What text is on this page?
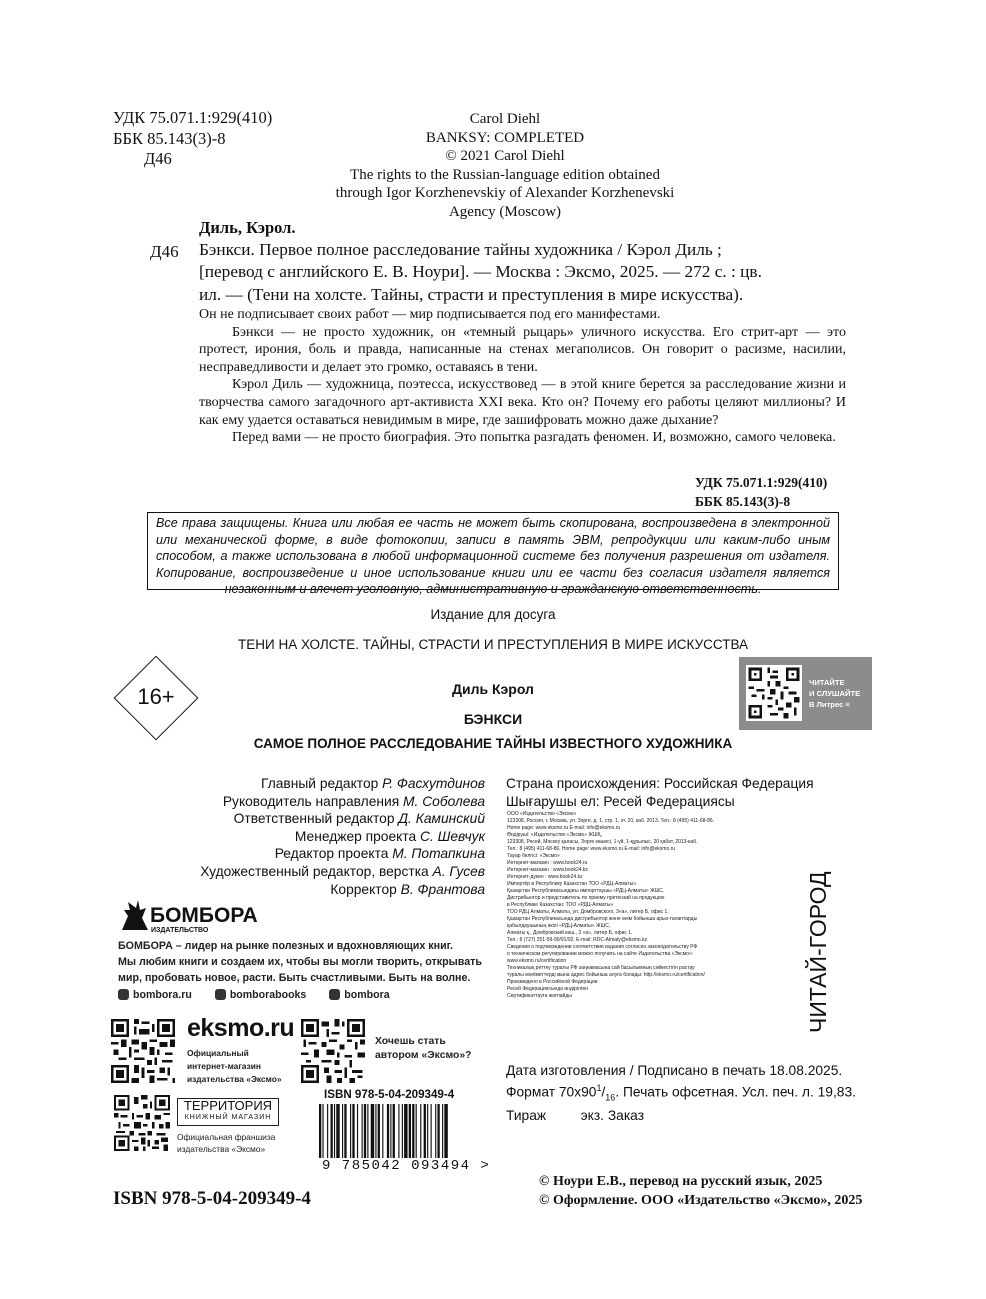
УДК 75.071.1:929(410)
ББК 85.143(3)-8
Д46
Carol Diehl
BANKSY: COMPLETED
© 2021 Carol Diehl
The rights to the Russian-language edition obtained
through Igor Korzhenevskiy of Alexander Korzhenevski
Agency (Moscow)
Диль, Кэрол.
Д46 Бэнкси. Первое полное расследование тайны художника / Кэрол Диль ;
[перевод с английского Е. В. Ноури]. — Москва : Эксмо, 2025. — 272 с. : цв.
ил. — (Тени на холсте. Тайны, страсти и преступления в мире искусства).

Он не подписывает своих работ — мир подписывается под его манифестами.

Бэнкси — не просто художник, он «темный рыцарь» уличного искусства. Его стрит-арт — это протест, ирония, боль и правда, написанные на стенах мегаполисов. Он говорит о расизме, насилии, несправедливости и делает это громко, оставаясь в тени.

Кэрол Диль — художница, поэтесса, искусствовед — в этой книге берется за расследование жизни и творчества самого загадочного арт-активиста XXI века. Кто он? Почему его работы целяют миллионы? И как ему удается оставаться невидимым в мире, где зашифровать можно даже дыхание?

Перед вами — не просто биография. Это попытка разгадать феномен. И, возможно, самого человека.

УДК 75.071.1:929(410)
ББК 85.143(3)-8
Все права защищены. Книга или любая ее часть не может быть скопирована, воспроизведена в электронной или механической форме, в виде фотокопии, записи в память ЭВМ, репродукции или каким-либо иным способом, а также использована в любой информационной системе без получения разрешения от издателя. Копирование, воспроизведение и иное использование книги или ее части без согласия издателя является незаконным и влечет уголовную, административную и гражданскую ответственность.
Издание для досуга
ТЕНИ НА ХОЛСТЕ. ТАЙНЫ, СТРАСТИ И ПРЕСТУПЛЕНИЯ В МИРЕ ИСКУССТВА
16+	Диль Кэрол
БЭНКСИ
САМОЕ ПОЛНОЕ РАССЛЕДОВАНИЕ ТАЙНЫ ИЗВЕСТНОГО ХУДОЖНИКА
ЧИТАЙТЕ
И СЛУШАЙТЕ
В Литрес ≡
Главный редактор Р. Фасхутдинов
Руководитель направления М. Соболева
Ответственный редактор Д. Каминский
Менеджер проекта С. Шевчук
Редактор проекта М. Потапкина
Художественный редактор, верстка А. Гусев
Корректор В. Франтова
Страна происхождения: Российская Федерация
Шығарушы ел: Ресей Федерациясы
ООО «Издательство «Эксмо»
123308, Россия, г. Москва, ул. Зорге, д. 1, стр. 1, эт. 20, каб. 2013. Тел.: 8 (495) 411-68-86.
Home page: www.eksmo.ru E-mail: info@eksmo.ru
Өндіруші: «Издательство «Эксмо» ЖШҚ,
123308, Ресей, Мәскеу қаласы, Зорге көшесі, 1-үй, 1-құрылыс, 20 қабат, 2013-каб.
Тел.: 8 (495) 411-68-86. Home page: www.eksmo.ru E-mail: info@eksmo.ru
Тауар белгісі: «Эксмо»
Интернет-магазин : www.book24.ru
Интернет-магазин : www.book24.kz
Интернет-дүкен : www.book24.kz
Импортёр в Республику Казахстан ТОО «РДЦ-Алматы».
Қазақстан Республикасындағы импорттаушы «РДЦ-Алматы» ЖШС.
Дистрибьютор и представитель по приему претензий на продукцию
в Республике Казахстан: ТОО «РДЦ-Алматы»
ТОО РДЦ Алматы, Алматы, ул. Домбровского, 3«а», литер Б, офис 1.
Қазақстан Республикасында дистрибьютор және өнім бойынша арыз-талаптарды
қабылдаушының өкілі «РДЦ-Алматы» ЖШС,
Алматы қ., Домбровский көш., 3 «а», литер Б, офис 1.
Тел.: 8 (727) 251-59-90/91/92. E-mail: RDC-Almaty@eksmo.kz
Сведения о подтверждении соответствия издания согласно законодательству РФ
о техническом регулировании можно получить на сайте Издательства «Эксмо»:
www.eksmo.ru/certification
Техникалық реттеу туралы РФ заңнамасына сай басылымның сәйкестігін растау
туралы мәліметтерді мына адрес бойынша алуға болады: http://eksmo.ru/certification/
Произведено в Российской Федерации
Ресей Федерациясында өндірілген
Сертификаттауға жатпайды	ЧИТАЙ-ГОРОД
Дата изготовления / Подписано в печать 18.08.2025.
Формат $70x90^1/_{16}$. Печать офсетная. Усл. печ. л. 19,83.
Тираж         экз. Заказ
БОМБОРА
ИЗДАТЕЛЬСТВО
БОМБОРА – лидер на рынке полезных и вдохновляющих книг.
Мы любим книги и создаем их, чтобы вы могли творить, открывать
мир, пробовать новое, расти. Быть счастливыми. Быть на волне.
bombora.ru	bomborabooks	bombora
eksmo.ru
Официальный
интернет-магазин
издательства «Эксмо»
Хочешь стать
автором «Эксмо»?
ТЕРРИТОРИЯ
КНИЖНЫЙ МАГАЗИН
Официальная франшиза
издательства «Эксмо»
ISBN 978-5-04-209349-4
9 785042 093494 >
ISBN 978-5-04-209349-4
© Ноури Е.В., перевод на русский язык, 2025
© Оформление. ООО «Издательство «Эксмо», 2025
